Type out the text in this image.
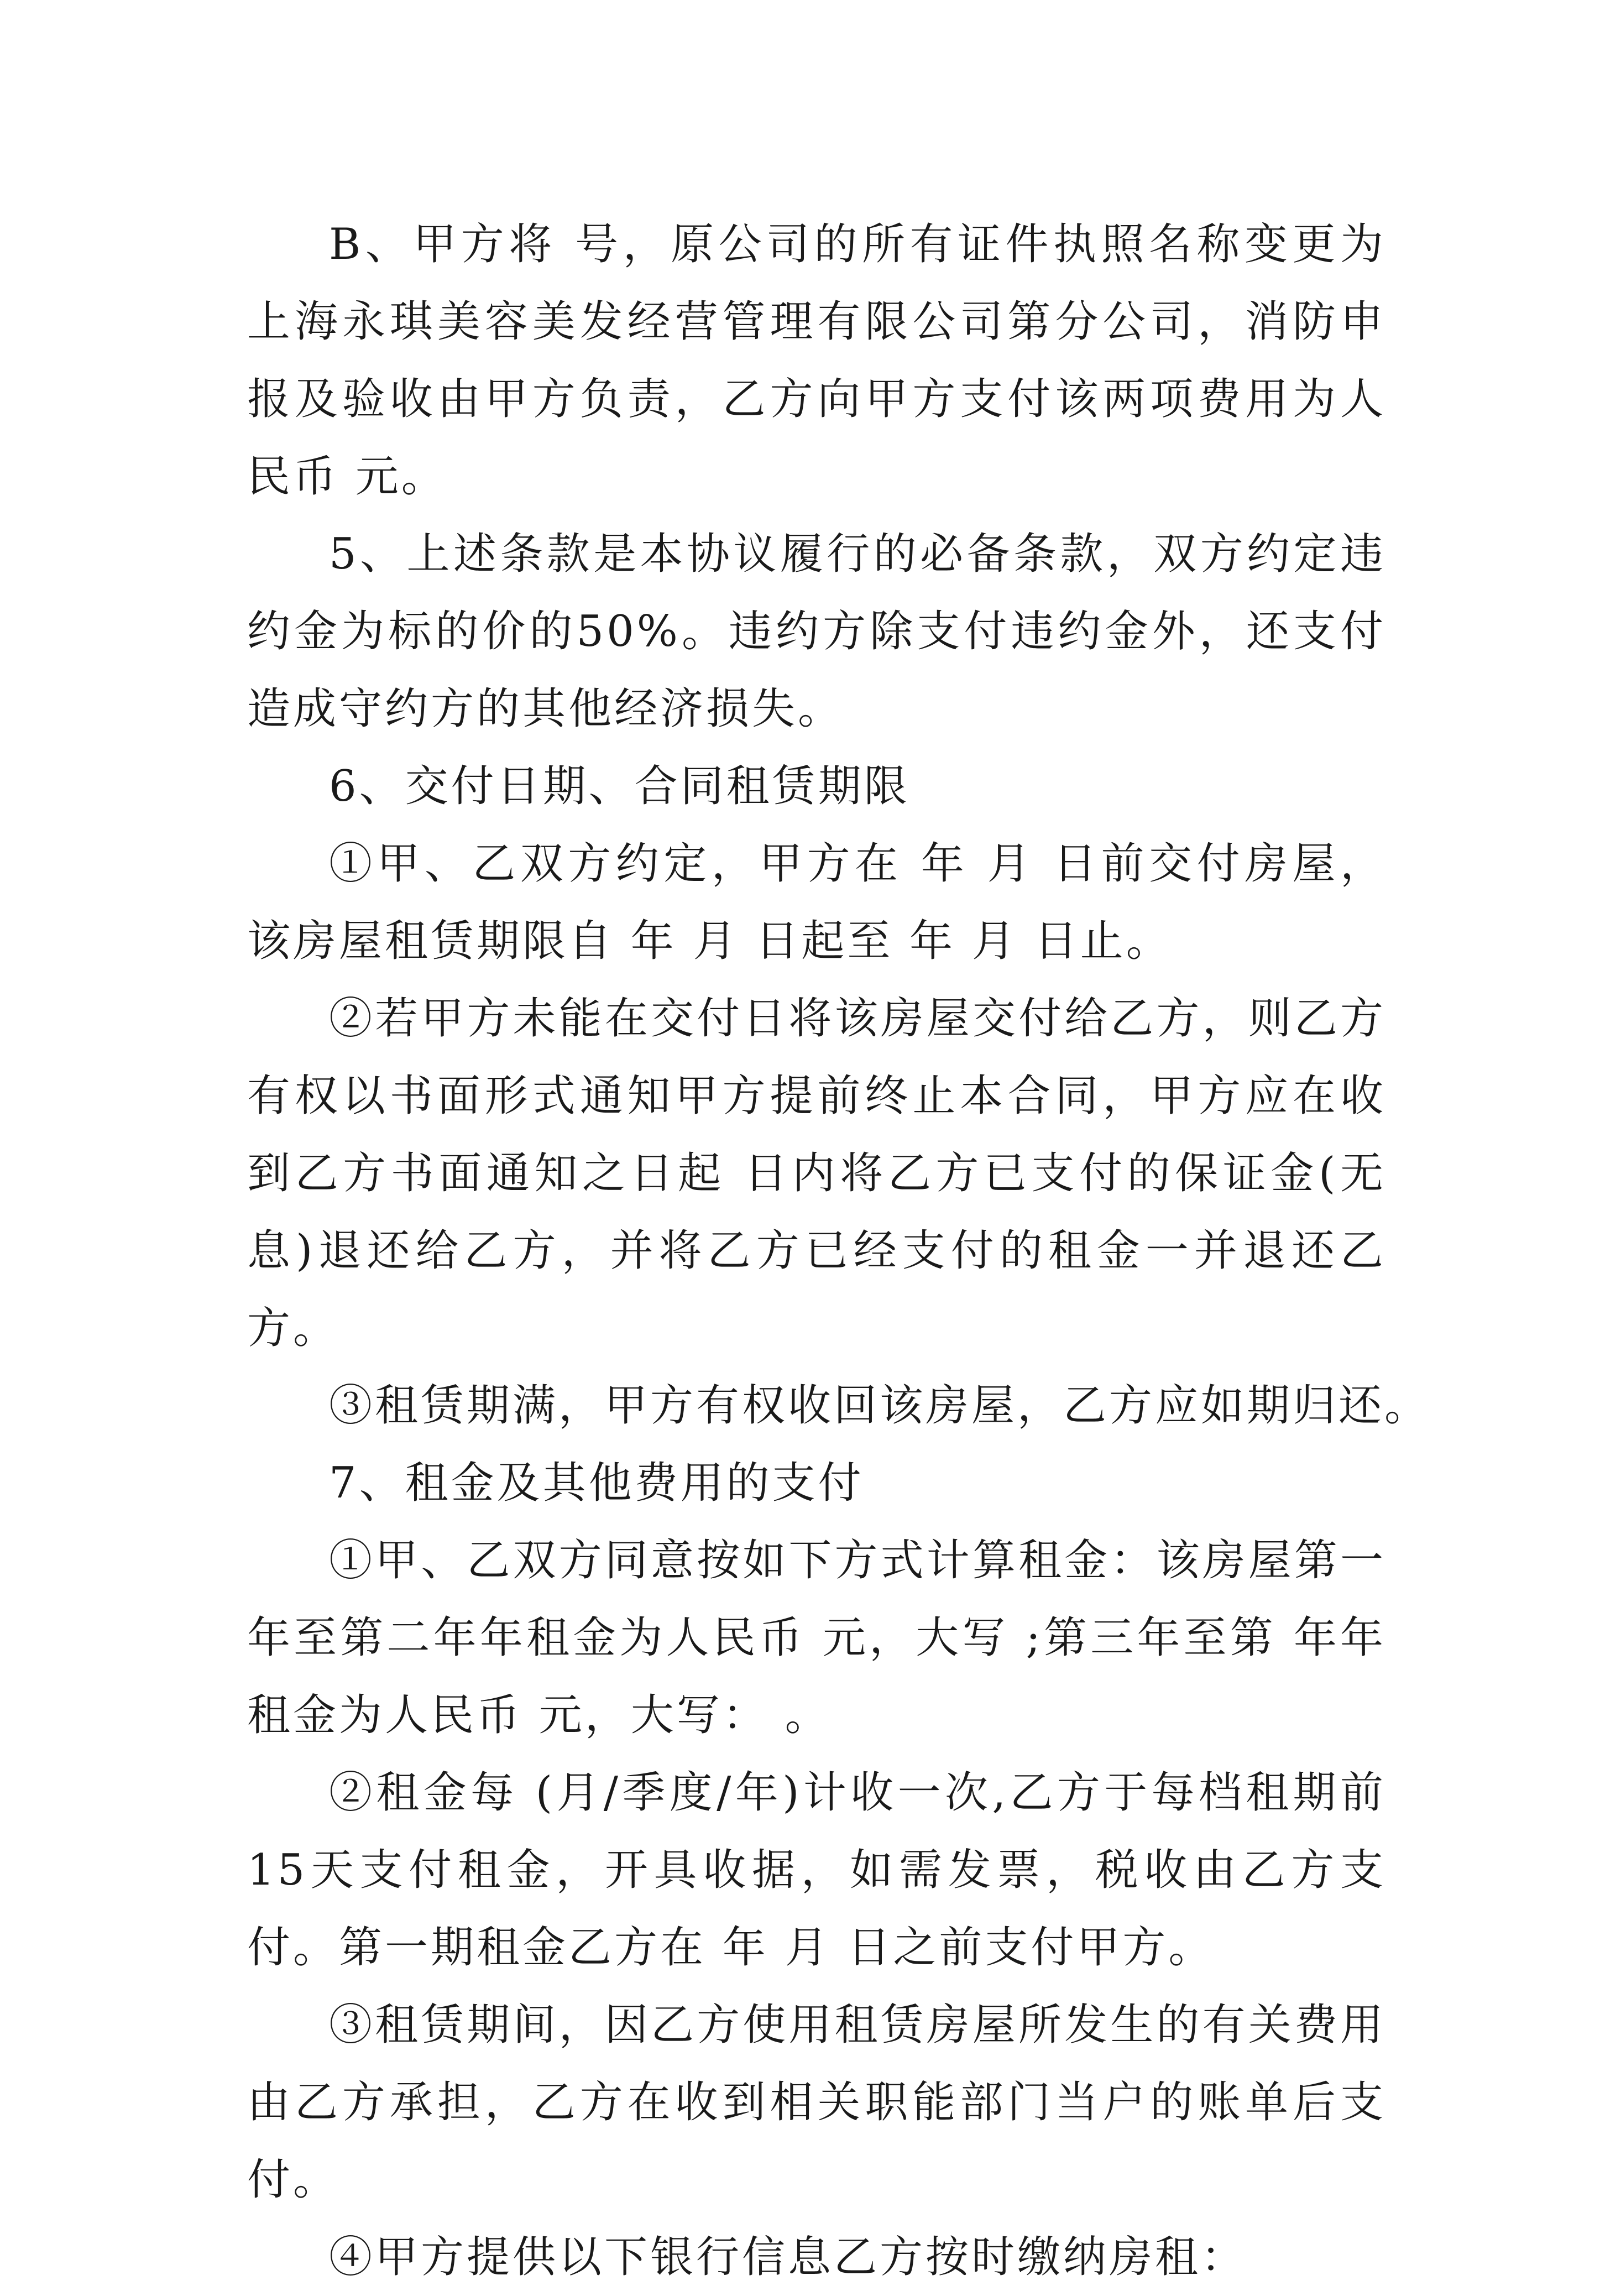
B、甲方将 号，原公司的所有证件执照名称变更为上海永琪美容美发经营管理有限公司第分公司，消防申报及验收由甲方负责，乙方向甲方支付该两项费用为人民币 元。

5、上述条款是本协议履行的必备条款，双方约定违约金为标的价的50%。违约方除支付违约金外，还支付造成守约方的其他经济损失。

6、交付日期、合同租赁期限

①甲、乙双方约定，甲方在 年 月 日前交付房屋，该房屋租赁期限自 年 月 日起至 年 月 日止。

②若甲方未能在交付日将该房屋交付给乙方，则乙方有权以书面形式通知甲方提前终止本合同，甲方应在收到乙方书面通知之日起 日内将乙方已支付的保证金(无息)退还给乙方，并将乙方已经支付的租金一并退还乙方。

③租赁期满，甲方有权收回该房屋，乙方应如期归还。

7、租金及其他费用的支付

①甲、乙双方同意按如下方式计算租金：该房屋第一年至第二年年租金为人民币 元，大写 ;第三年至第 年年租金为人民币 元，大写： 。

②租金每 (月/季度/年)计收一次,乙方于每档租期前15天支付租金，开具收据，如需发票，税收由乙方支付。第一期租金乙方在 年 月 日之前支付甲方。

③租赁期间，因乙方使用租赁房屋所发生的有关费用由乙方承担，乙方在收到相关职能部门当户的账单后支付。

④甲方提供以下银行信息乙方按时缴纳房租：
